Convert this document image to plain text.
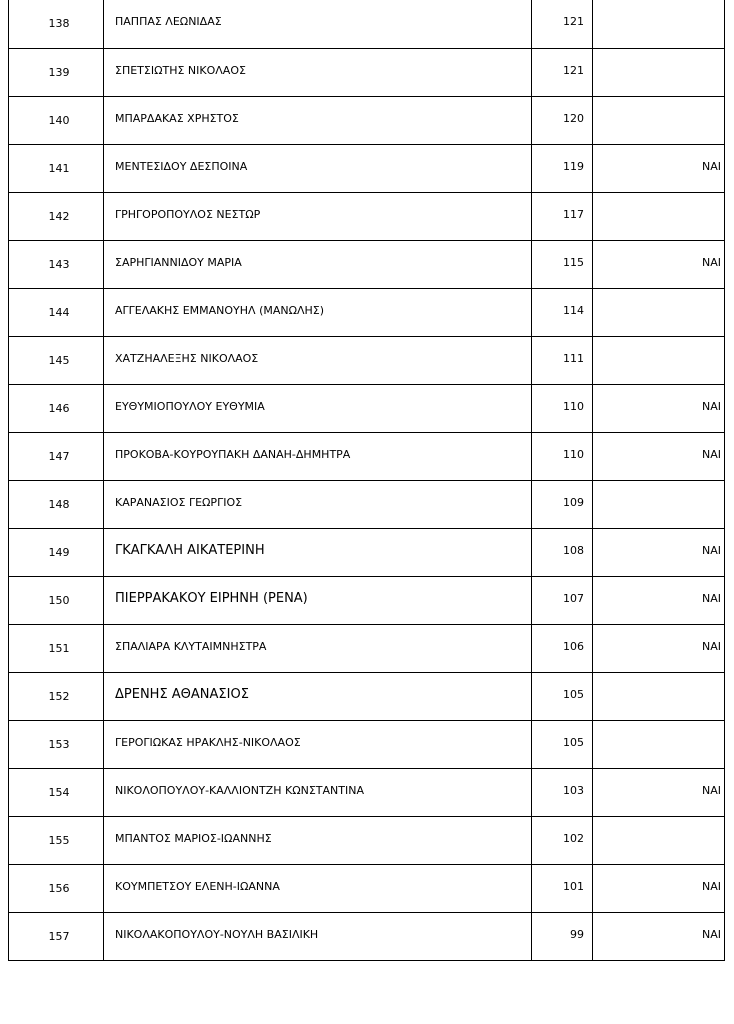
138	ΠΑΠΠΑΣ ΛΕΩΝΙΔΑΣ	121	
139	ΣΠΕΤΣΙΩΤΗΣ ΝΙΚΟΛΑΟΣ	121	
140	ΜΠΑΡΔΑΚΑΣ ΧΡΗΣΤΟΣ	120	
141	ΜΕΝΤΕΣΙΔΟΥ ΔΕΣΠΟΙΝΑ	119	ΝΑΙ
142	ΓΡΗΓΟΡΟΠΟΥΛΟΣ ΝΕΣΤΩΡ	117	
143	ΣΑΡΗΓΙΑΝΝΙΔΟΥ ΜΑΡΙΑ	115	ΝΑΙ
144	ΑΓΓΕΛΑΚΗΣ ΕΜΜΑΝΟΥΗΛ (ΜΑΝΩΛΗΣ)	114	
145	ΧΑΤΖΗΑΛΕΞΗΣ ΝΙΚΟΛΑΟΣ	111	
146	ΕΥΘΥΜΙΟΠΟΥΛΟΥ ΕΥΘΥΜΙΑ	110	ΝΑΙ
147	ΠΡΟΚΟΒΑ-ΚΟΥΡΟΥΠΑΚΗ ΔΑΝΑΗ-ΔΗΜΗΤΡΑ	110	ΝΑΙ
148	ΚΑΡΑΝΑΣΙΟΣ ΓΕΩΡΓΙΟΣ	109	
149	ΓΚΑΓΚΑΛΗ ΑΙΚΑΤΕΡΙΝΗ	108	ΝΑΙ
150	ΠΙΕΡΡΑΚΑΚΟΥ ΕΙΡΗΝΗ (ΡΕΝΑ)	107	ΝΑΙ
151	ΣΠΑΛΙΑΡΑ ΚΛΥΤΑΙΜΝΗΣΤΡΑ	106	ΝΑΙ
152	ΔΡΕΝΗΣ ΑΘΑΝΑΣΙΟΣ	105	
153	ΓΕΡΟΓΙΩΚΑΣ ΗΡΑΚΛΗΣ-ΝΙΚΟΛΑΟΣ	105	
154	ΝΙΚΟΛΟΠΟΥΛΟΥ-ΚΑΛΛΙΟΝΤΖΗ ΚΩΝΣΤΑΝΤΙΝΑ	103	ΝΑΙ
155	ΜΠΑΝΤΟΣ ΜΑΡΙΟΣ-ΙΩΑΝΝΗΣ	102	
156	ΚΟΥΜΠΕΤΣΟΥ ΕΛΕΝΗ-ΙΩΑΝΝΑ	101	ΝΑΙ
157	ΝΙΚΟΛΑΚΟΠΟΥΛΟΥ-ΝΟΥΛΗ ΒΑΣΙΛΙΚΗ	99	ΝΑΙ
